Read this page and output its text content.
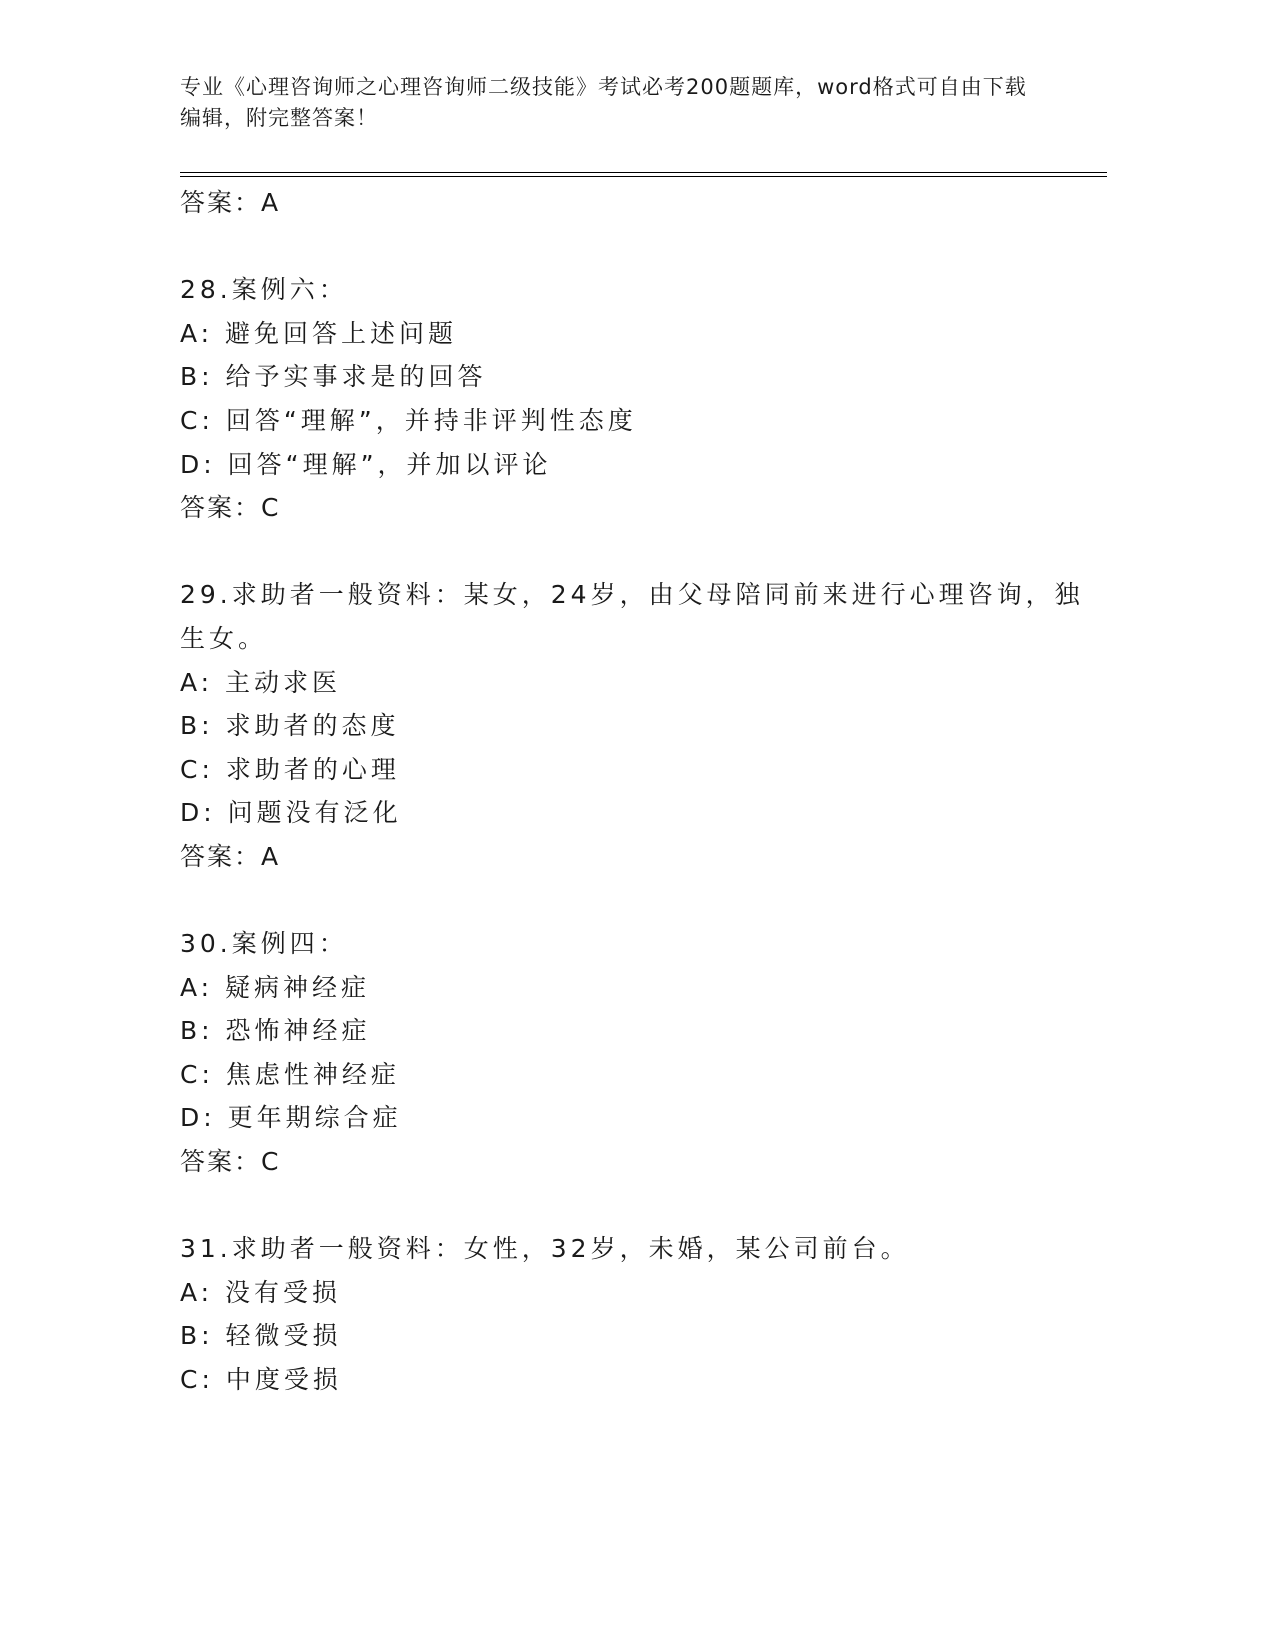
专业《心理咨询师之心理咨询师二级技能》考试必考200题题库，word格式可自由下载编辑，附完整答案！
答案：A
28.案例六：
A: 避免回答上述问题
B: 给予实事求是的回答
C: 回答“理解”，并持非评判性态度
D: 回答“理解”，并加以评论
答案：C
29.求助者一般资料：某女，24岁，由父母陪同前来进行心理咨询，独
生女。
A: 主动求医
B: 求助者的态度
C: 求助者的心理
D: 问题没有泛化
答案：A
30.案例四：
A: 疑病神经症
B: 恐怖神经症
C: 焦虑性神经症
D: 更年期综合症
答案：C
31.求助者一般资料：女性，32岁，未婚，某公司前台。
A: 没有受损
B: 轻微受损
C: 中度受损
